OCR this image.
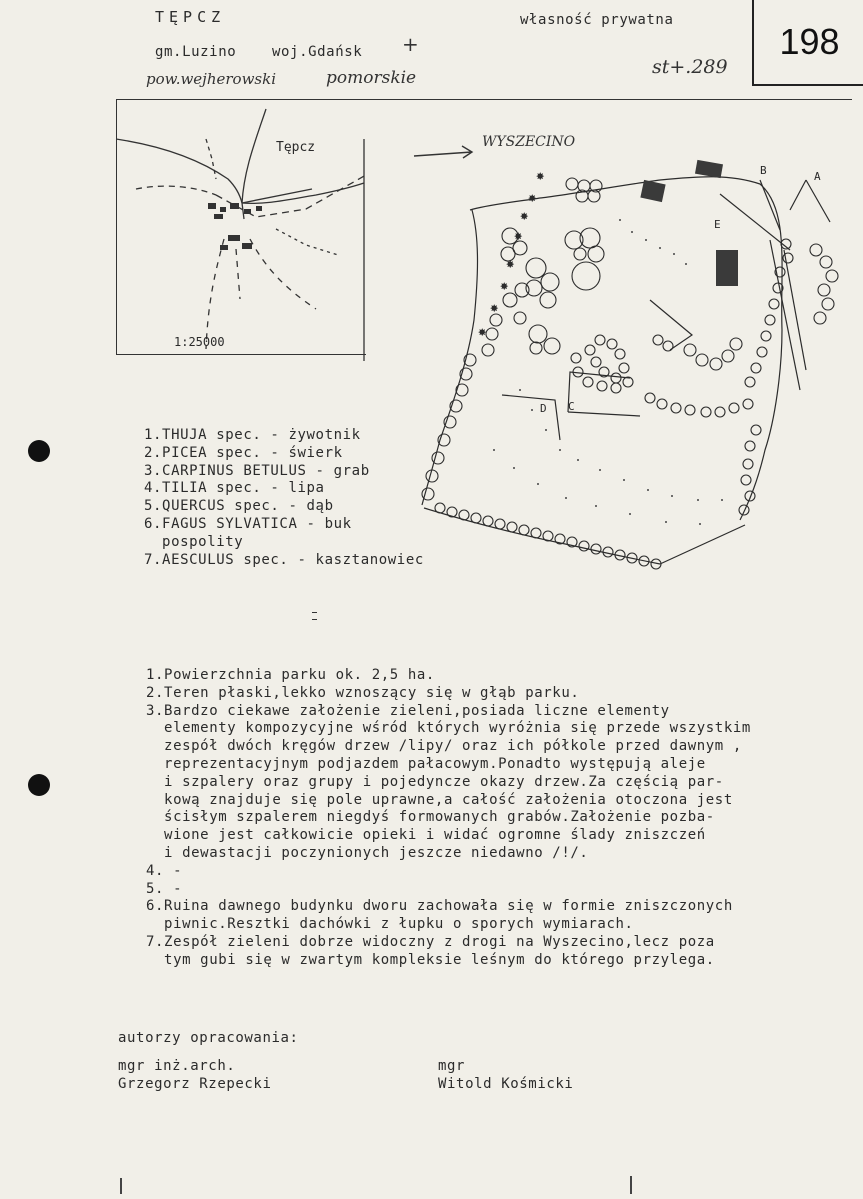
TĘPCZ
gm.Luzino	woj.Gdańsk +
pow.wejherowski	pomorskie
własność prywatna
st+.289
198
Tępcz
1:25000
WYSZECINO
✸
✸
✸
✸
✸
✸
✸
✸
A
B
C
D
E
1.THUJA spec. - żywotnik
2.PICEA spec. - świerk
3.CARPINUS BETULUS - grab
4.TILIA spec. - lipa
5.QUERCUS spec. - dąb
6.FAGUS SYLVATICA - buk
pospolity
7.AESCULUS spec. - kasztanowiec
1.Powierzchnia parku ok. 2,5 ha.
2.Teren płaski,lekko wznoszący się w głąb parku.
3.Bardzo ciekawe założenie zieleni,posiada liczne elementy
elementy kompozycyjne wśród których wyróżnia się przede wszystkim
zespół dwóch kręgów drzew /lipy/ oraz ich półkole przed dawnym ,
reprezentacyjnym podjazdem pałacowym.Ponadto występują aleje
i szpalery oraz grupy i pojedyncze okazy drzew.Za częścią par-
kową znajduje się pole uprawne,a całość założenia otoczona jest
ścisłym szpalerem niegdyś formowanych grabów.Założenie pozba-
wione jest całkowicie opieki i widać ogromne ślady zniszczeń
i dewastacji poczynionych jeszcze niedawno /!/.
4. -
5. -
6.Ruina dawnego budynku dworu zachowała się w formie zniszczonych
piwnic.Resztki dachówki z łupku o sporych wymiarach.
7.Zespół zieleni dobrze widoczny z drogi na Wyszecino,lecz poza
tym gubi się w zwartym kompleksie leśnym do którego przylega.
autorzy opracowania:
mgr inż.arch.
Grzegorz Rzepecki
mgr
Witold Kośmicki
